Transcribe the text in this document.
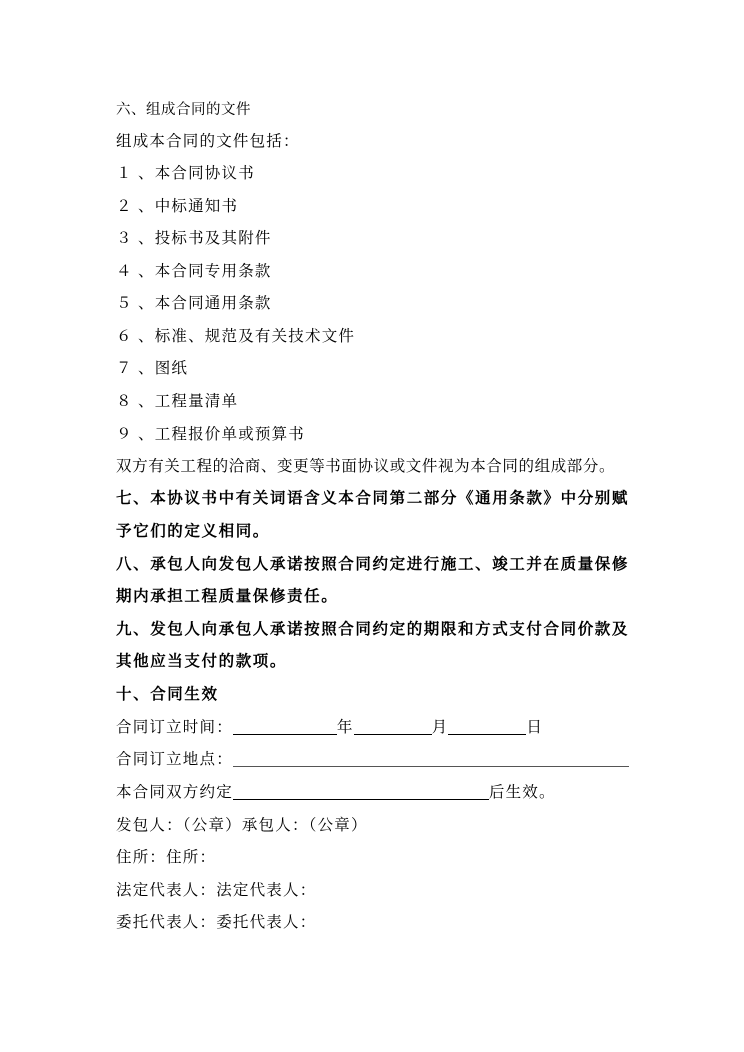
六、组成合同的文件
组成本合同的文件包括：
１ 、本合同协议书
２ 、中标通知书
３ 、投标书及其附件
４ 、本合同专用条款
５ 、本合同通用条款
６ 、标准、规范及有关技术文件
７ 、图纸
８ 、工程量清单
９ 、工程报价单或预算书
双方有关工程的洽商、变更等书面协议或文件视为本合同的组成部分。
七、本协议书中有关词语含义本合同第二部分《通用条款》中分别赋
予它们的定义相同。
八、承包人向发包人承诺按照合同约定进行施工、竣工并在质量保修
期内承担工程质量保修责任。
九、发包人向承包人承诺按照合同约定的期限和方式支付合同价款及
其他应当支付的款项。
十、合同生效
合同订立时间：	年	月	日
合同订立地点：
本合同双方约定	后生效。
发包人：（公章）承包人：（公章）
住所：住所：
法定代表人：法定代表人：
委托代表人：委托代表人：
